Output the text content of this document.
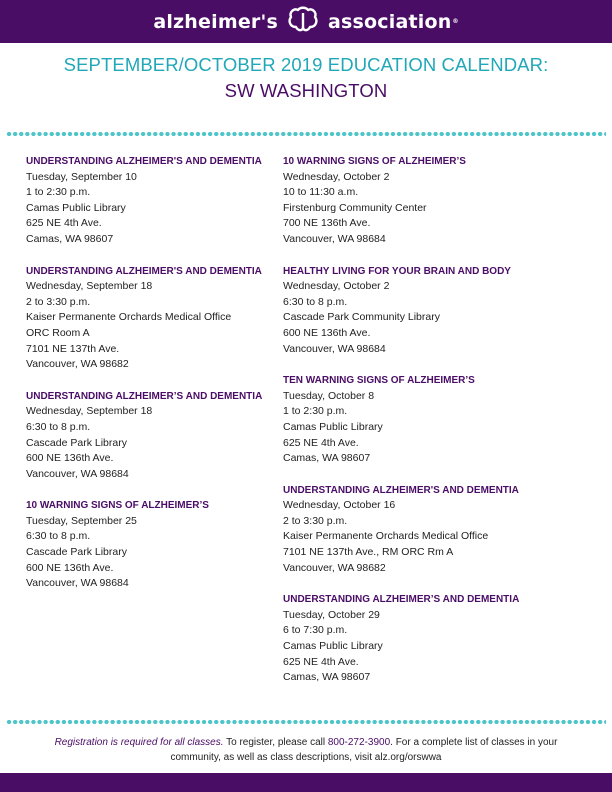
alzheimer's	association ®
SEPTEMBER/OCTOBER 2019 EDUCATION CALENDAR:
SW WASHINGTON
UNDERSTANDING ALZHEIMER'S AND DEMENTIA
Tuesday, September 10
1 to 2:30 p.m.
Camas Public Library
625 NE 4th Ave.
Camas, WA 98607
UNDERSTANDING ALZHEIMER'S AND DEMENTIA
Wednesday, September 18
2 to 3:30 p.m.
Kaiser Permanente Orchards Medical Office
ORC Room A
7101 NE 137th Ave.
Vancouver, WA 98682
UNDERSTANDING ALZHEIMER’S AND DEMENTIA
Wednesday, September 18
6:30 to 8 p.m.
Cascade Park Library
600 NE 136th Ave.
Vancouver, WA 98684
10 WARNING SIGNS OF ALZHEIMER’S
Tuesday, September 25
6:30 to 8 p.m.
Cascade Park Library
600 NE 136th Ave.
Vancouver, WA 98684
10 WARNING SIGNS OF ALZHEIMER’S
Wednesday, October 2
10 to 11:30 a.m.
Firstenburg Community Center
700 NE 136th Ave.
Vancouver, WA 98684
HEALTHY LIVING FOR YOUR BRAIN AND BODY
Wednesday, October 2
6:30 to 8 p.m.
Cascade Park Community Library
600 NE 136th Ave.
Vancouver, WA 98684
TEN WARNING SIGNS OF ALZHEIMER’S
Tuesday, October 8
1 to 2:30 p.m.
Camas Public Library
625 NE 4th Ave.
Camas, WA 98607
UNDERSTANDING ALZHEIMER'S AND DEMENTIA
Wednesday, October 16
2 to 3:30 p.m.
Kaiser Permanente Orchards Medical Office
7101 NE 137th Ave., RM ORC Rm A
Vancouver, WA 98682
UNDERSTANDING ALZHEIMER’S AND DEMENTIA
Tuesday, October 29
6 to 7:30 p.m.
Camas Public Library
625 NE 4th Ave.
Camas, WA 98607
Registration is required for all classes. To register, please call 800-272-3900. For a complete list of classes in your
community, as well as class descriptions, visit alz.org/orswwa
